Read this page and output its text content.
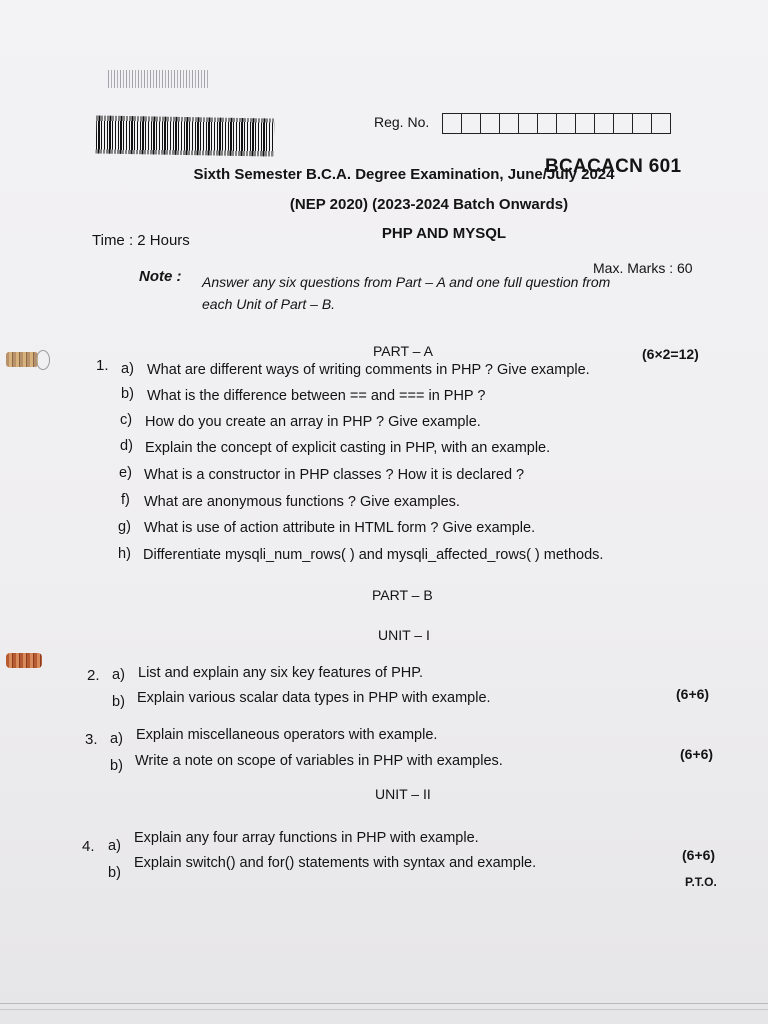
Reg. No.
BCACACN 601
Sixth Semester B.C.A. Degree Examination, June/July 2024
(NEP 2020) (2023-2024 Batch Onwards)
PHP AND MYSQL
Time : 2 Hours
Max. Marks : 60
Note : Answer any six questions from Part – A and one full question from
each Unit of Part – B.
PART – A	(6×2=12)
1. a) What are different ways of writing comments in PHP ? Give example.
b) What is the difference between == and === in PHP ?
c) How do you create an array in PHP ? Give example.
d) Explain the concept of explicit casting in PHP, with an example.
e) What is a constructor in PHP classes ? How it is declared ?
f) What are anonymous functions ? Give examples.
g) What is use of action attribute in HTML form ? Give example.
h) Differentiate mysqli_num_rows( ) and mysqli_affected_rows( ) methods.
PART – B
UNIT – I
2. a) List and explain any six key features of PHP.
b) Explain various scalar data types in PHP with example.	(6+6)
3. a) Explain miscellaneous operators with example.
b) Write a note on scope of variables in PHP with examples.	(6+6)
UNIT – II
4. a) Explain any four array functions in PHP with example.
b)
Explain switch() and for() statements with syntax and example.	(6+6)
P.T.O.
